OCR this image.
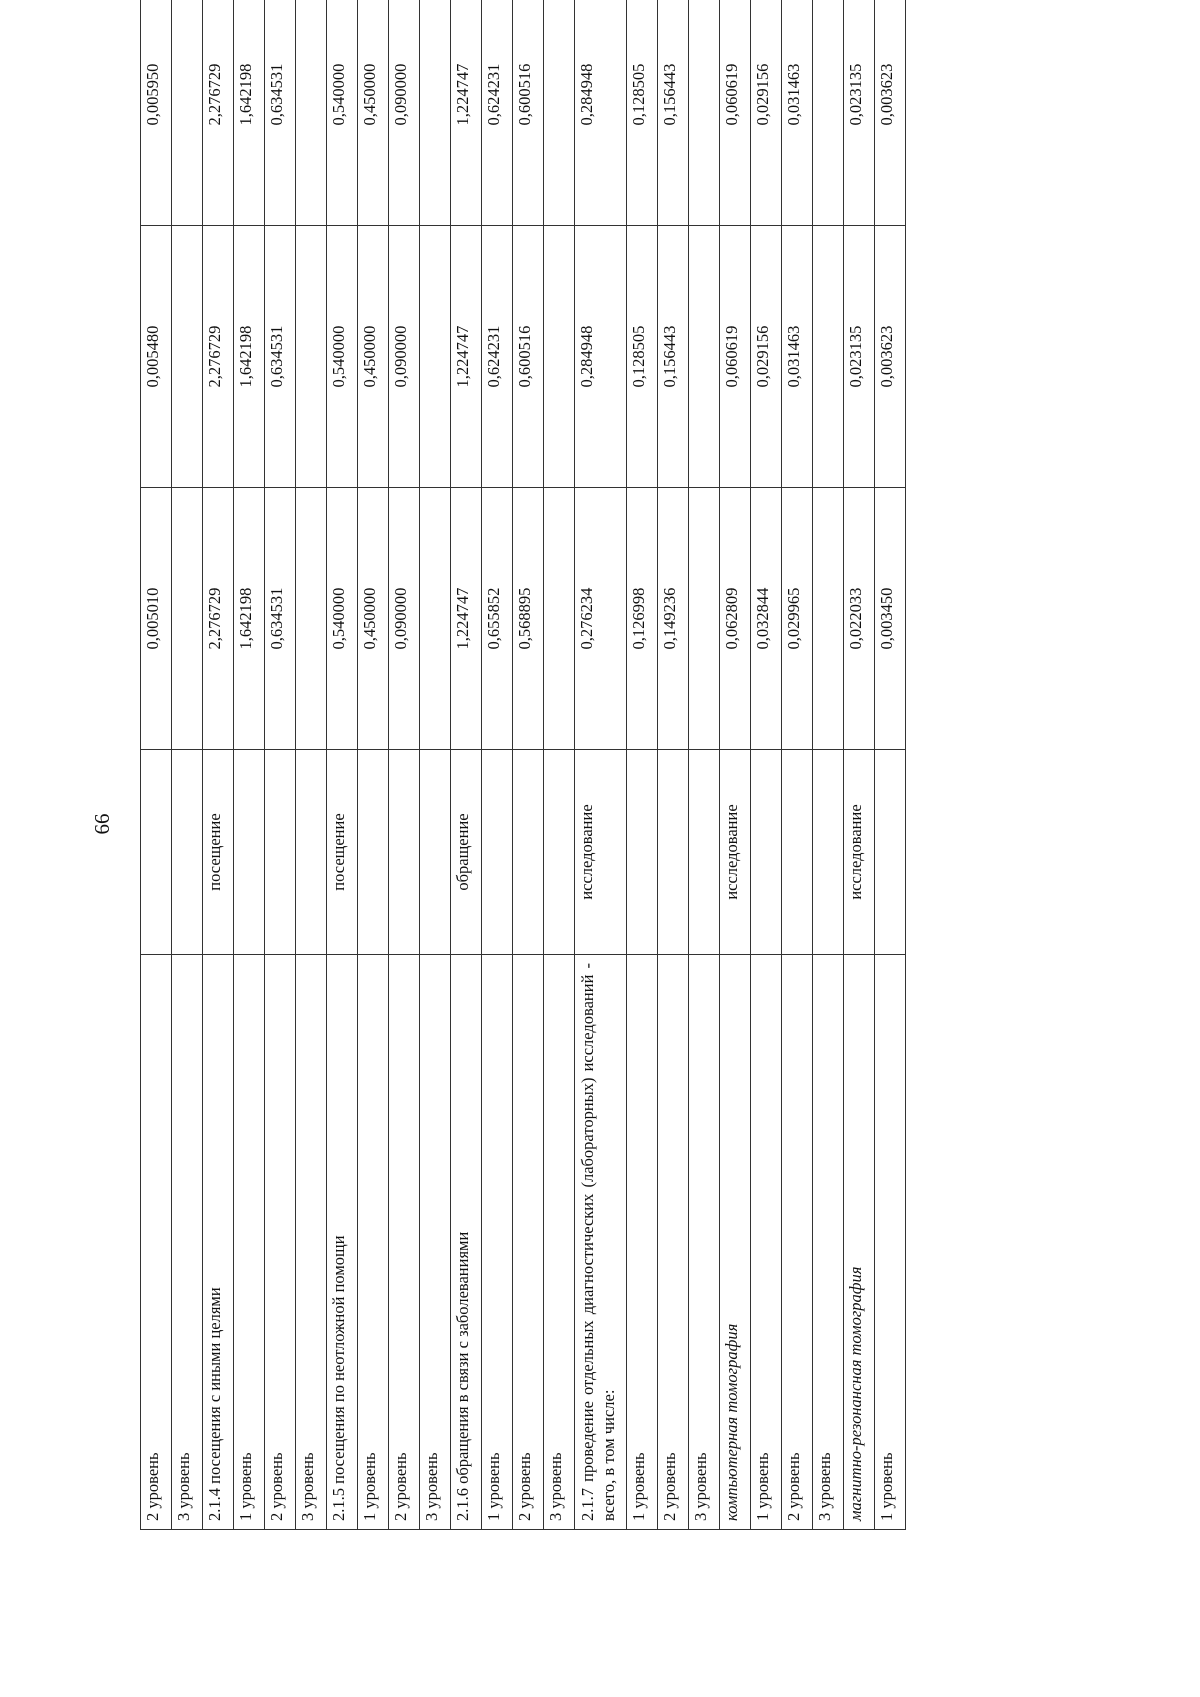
66
2 уровень		0,005010	0,005480	0,005950
3 уровень				
2.1.4 посещения с иными целями	посещение	2,276729	2,276729	2,276729
1 уровень		1,642198	1,642198	1,642198
2 уровень		0,634531	0,634531	0,634531
3 уровень				
2.1.5 посещения по неотложной помощи	посещение	0,540000	0,540000	0,540000
1 уровень		0,450000	0,450000	0,450000
2 уровень		0,090000	0,090000	0,090000
3 уровень				
2.1.6 обращения в связи с заболеваниями	обращение	1,224747	1,224747	1,224747
1 уровень		0,655852	0,624231	0,624231
2 уровень		0,568895	0,600516	0,600516
3 уровень				
2.1.7 проведение отдельных диагностических (лабораторных) исследований - всего, в том числе:	исследование	0,276234	0,284948	0,284948
1 уровень		0,126998	0,128505	0,128505
2 уровень		0,149236	0,156443	0,156443
3 уровень				
компьютерная томография	исследование	0,062809	0,060619	0,060619
1 уровень		0,032844	0,029156	0,029156
2 уровень		0,029965	0,031463	0,031463
3 уровень				
магнитно-резонансная томография	исследование	0,022033	0,023135	0,023135
1 уровень		0,003450	0,003623	0,003623
